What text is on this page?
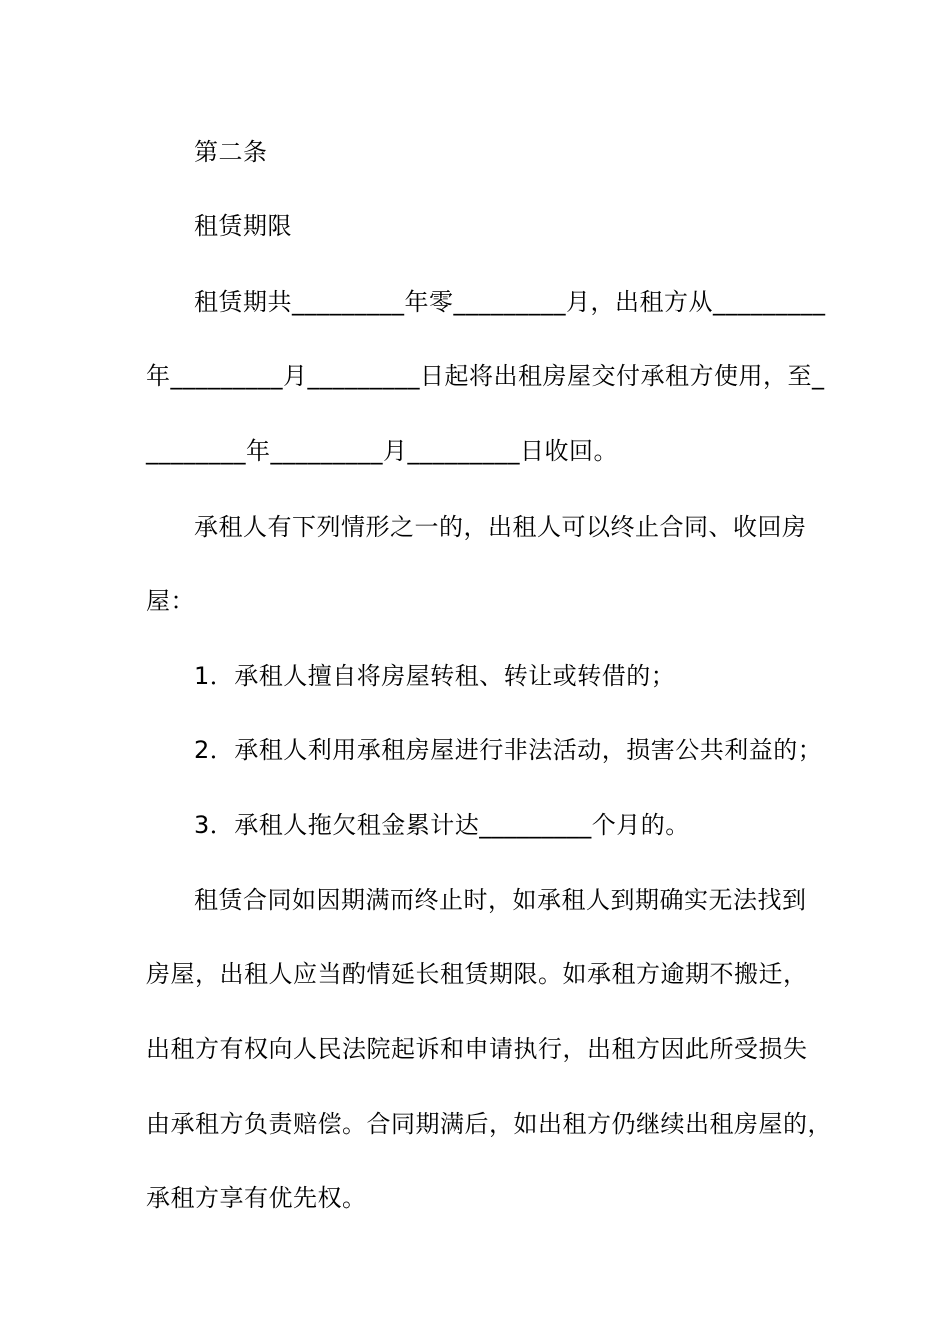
第二条
租赁期限
租赁期共_________年零_________月，出租方从_________
年_________月_________日起将出租房屋交付承租方使用，至_
________年_________月_________日收回。
承租人有下列情形之一的，出租人可以终止合同、收回房
屋：
1．承租人擅自将房屋转租、转让或转借的；
2．承租人利用承租房屋进行非法活动，损害公共利益的；
3．承租人拖欠租金累计达_________个月的。
租赁合同如因期满而终止时，如承租人到期确实无法找到
房屋，出租人应当酌情延长租赁期限。如承租方逾期不搬迁，
出租方有权向人民法院起诉和申请执行，出租方因此所受损失
由承租方负责赔偿。合同期满后，如出租方仍继续出租房屋的，
承租方享有优先权。
